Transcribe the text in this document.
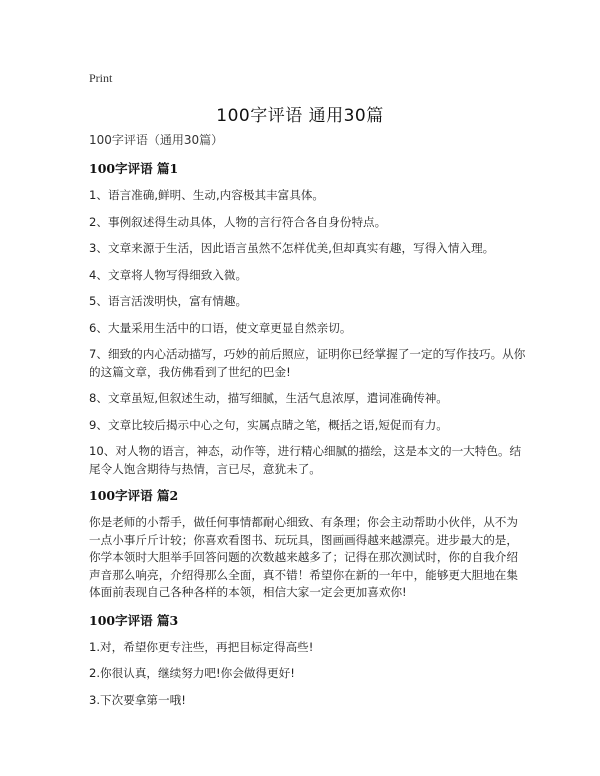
Print
100字评语 通用30篇

100字评语（通用30篇）

100字评语 篇1

1、语言准确,鲜明、生动,内容极其丰富具体。

2、事例叙述得生动具体，人物的言行符合各自身份特点。

3、文章来源于生活，因此语言虽然不怎样优美,但却真实有趣，写得入情入理。

4、文章将人物写得细致入微。

5、语言活泼明快，富有情趣。

6、大量采用生活中的口语，使文章更显自然亲切。

7、细致的内心活动描写，巧妙的前后照应，证明你已经掌握了一定的写作技巧。从你的这篇文章，我仿佛看到了世纪的巴金!

8、文章虽短,但叙述生动，描写细腻，生活气息浓厚，遣词准确传神。

9、文章比较后揭示中心之句，实属点睛之笔，概括之语,短促而有力。

10、对人物的语言，神态，动作等，进行精心细腻的描绘，这是本文的一大特色。结尾令人饱含期待与热情，言已尽，意犹未了。

100字评语 篇2

你是老师的小帮手，做任何事情都耐心细致、有条理；你会主动帮助小伙伴，从不为一点小事斤斤计较；你喜欢看图书、玩玩具，图画画得越来越漂亮。进步最大的是，你学本领时大胆举手回答问题的次数越来越多了；记得在那次测试时，你的自我介绍声音那么响亮，介绍得那么全面，真不错！希望你在新的一年中，能够更大胆地在集体面前表现自己各种各样的本领，相信大家一定会更加喜欢你!

100字评语 篇3

1.对，希望你更专注些，再把目标定得高些!

2.你很认真，继续努力吧!你会做得更好!

3.下次要拿第一哦!
